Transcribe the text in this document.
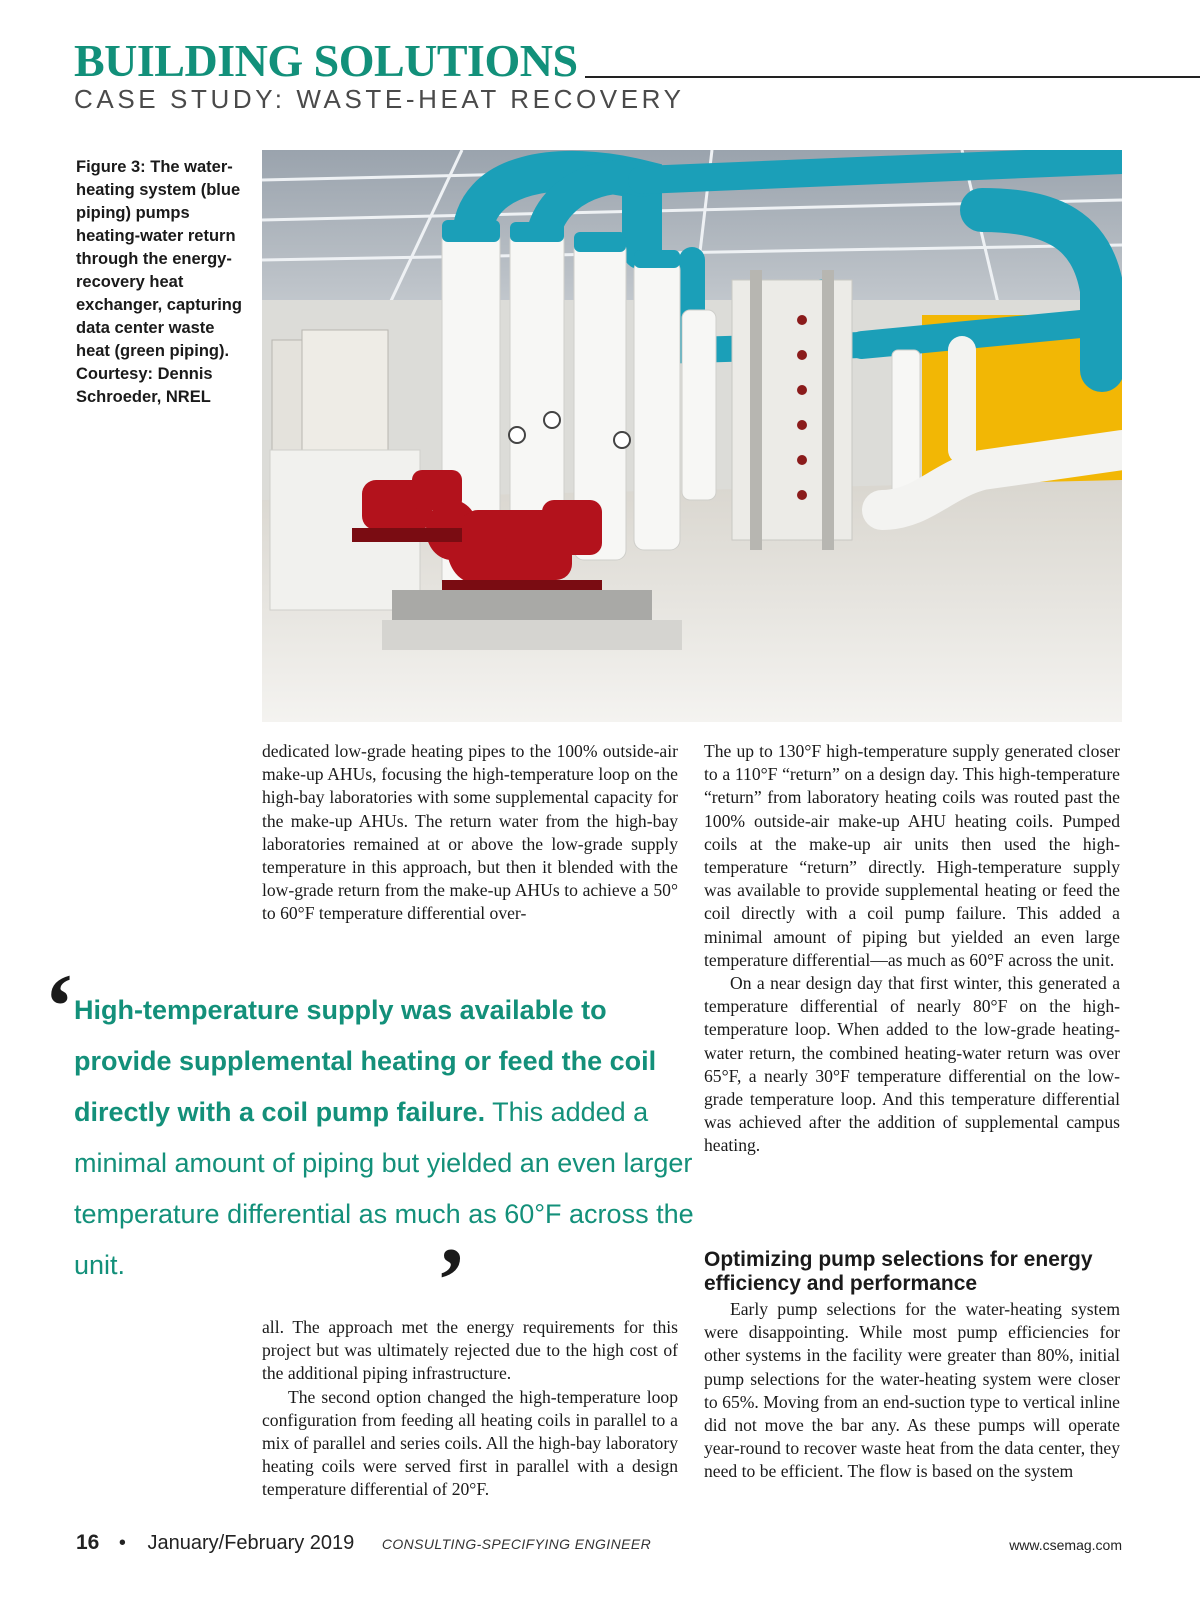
BUILDING SOLUTIONS
CASE STUDY: WASTE-HEAT RECOVERY
Figure 3: The water-heating system (blue piping) pumps heating-water return through the energy-recovery heat exchanger, capturing data center waste heat (green piping). Courtesy: Dennis Schroeder, NREL

dedicated low-grade heating pipes to the 100% outside-air make-up AHUs, focusing the high-temperature loop on the high-bay laboratories with some supplemental capacity for the make-up AHUs. The return water from the high-bay laboratories remained at or above the low-grade supply temperature in this approach, but then it blended with the low-grade return from the make-up AHUs to achieve a 50° to 60°F temperature differential over-

‘ High-temperature supply was available to provide supplemental heating or feed the coil directly with a coil pump failure. This added a minimal amount of piping but yielded an even larger temperature differential as much as 60°F across the unit.	’

all. The approach met the energy requirements for this project but was ultimately rejected due to the high cost of the additional piping infrastructure.

The second option changed the high-temperature loop configuration from feeding all heating coils in parallel to a mix of parallel and series coils. All the high-bay laboratory heating coils were served first in parallel with a design temperature differential of 20°F.

The up to 130°F high-temperature supply generated closer to a 110°F “return” on a design day. This high-temperature “return” from laboratory heating coils was routed past the 100% outside-air make-up AHU heating coils. Pumped coils at the make-up air units then used the high-temperature “return” directly. High-temperature supply was available to provide supplemental heating or feed the coil directly with a coil pump failure. This added a minimal amount of piping but yielded an even large temperature differential—as much as 60°F across the unit.

On a near design day that first winter, this generated a temperature differential of nearly 80°F on the high-temperature loop. When added to the low-grade heating-water return, the combined heating-water return was over 65°F, a nearly 30°F temperature differential on the low-grade temperature loop. And this temperature differential was achieved after the addition of supplemental campus heating.

Optimizing pump selections for energy efficiency and performance

Early pump selections for the water-heating system were disappointing. While most pump efficiencies for other systems in the facility were greater than 80%, initial pump selections for the water-heating system were closer to 65%. Moving from an end-suction type to vertical inline did not move the bar any. As these pumps will operate year-round to recover waste heat from the data center, they need to be efficient. The flow is based on the system

16 • January/February 2019 CONSULTING-SPECIFYING ENGINEER	www.csemag.com
